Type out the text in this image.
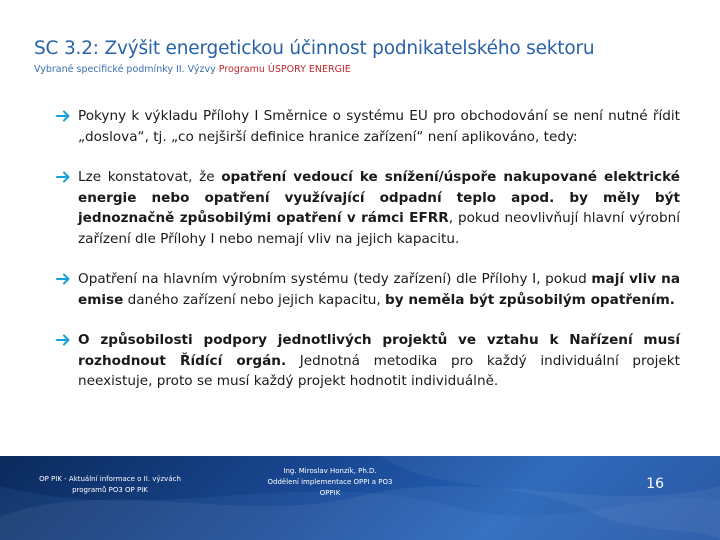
SC 3.2: Zvýšit energetickou účinnost podnikatelského sektoru
Vybrané specifické podmínky II. Výzvy Programu ÚSPORY ENERGIE
Pokyny k výkladu Přílohy I Směrnice o systému EU pro obchodování se není nutné řídit „doslova“, tj. „co nejširší definice hranice zařízení“ není aplikováno, tedy:
Lze konstatovat, že opatření vedoucí ke snížení/úspoře nakupované elektrické energie nebo opatření využívající odpadní teplo apod. by měly být jednoznačně způsobilými opatření v rámci EFRR, pokud neovlivňují hlavní výrobní zařízení dle Přílohy I nebo nemají vliv na jejich kapacitu.
Opatření na hlavním výrobním systému (tedy zařízení) dle Přílohy I, pokud mají vliv na emise daného zařízení nebo jejich kapacitu, by neměla být způsobilým opatřením.
O způsobilosti podpory jednotlivých projektů ve vztahu k Nařízení musí rozhodnout Řídící orgán. Jednotná metodika pro každý individuální projekt neexistuje, proto se musí každý projekt hodnotit individuálně.
OP PIK - Aktuální informace o II. výzvách
programů PO3 OP PIK
Ing. Miroslav Honzík, Ph.D.
Oddělení implementace OPPI a PO3
OPPIK
16
